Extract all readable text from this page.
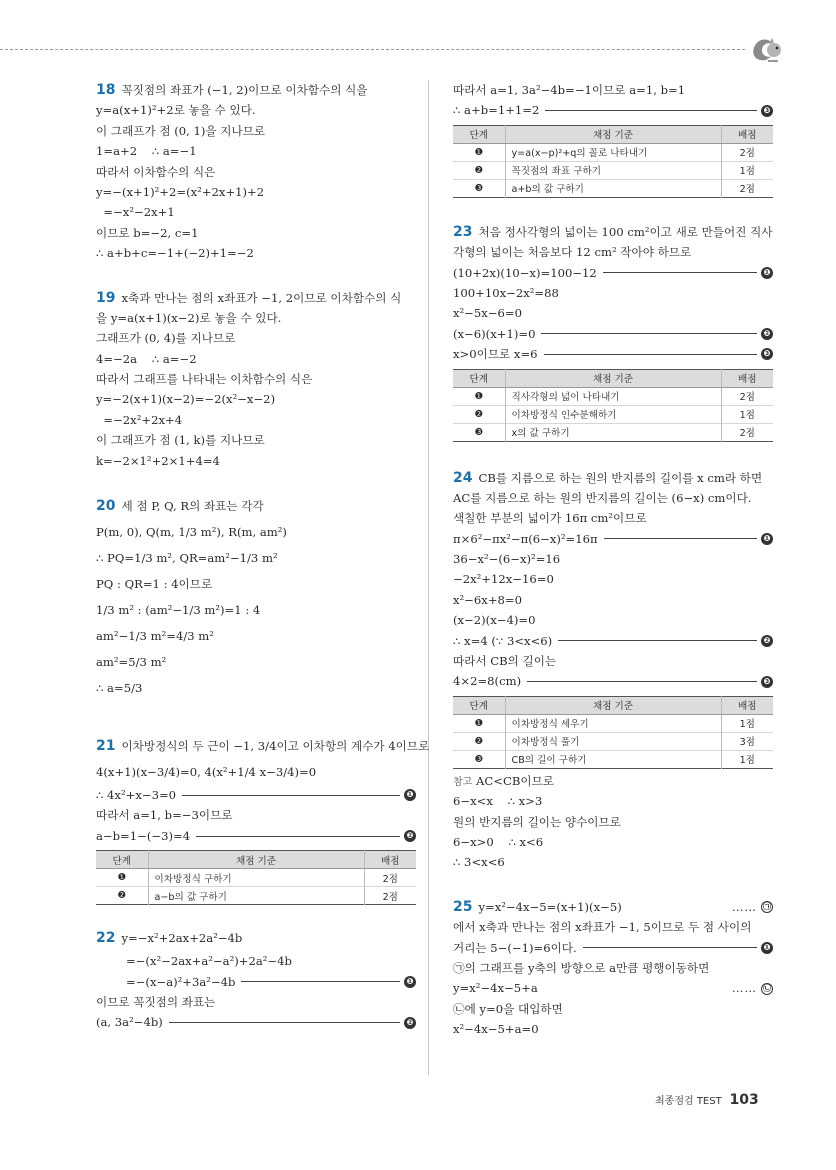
18 꼭짓점의 좌표가 (−1, 2)이므로 이차함수의 식을
y=a(x+1)²+2로 놓을 수 있다.
이 그래프가 점 (0, 1)을 지나므로
1=a+2    ∴ a=−1
따라서 이차함수의 식은
y=−(x+1)²+2=(x²+2x+1)+2
=−x²−2x+1
이므로 b=−2, c=1
∴ a+b+c=−1+(−2)+1=−2
19 x축과 만나는 점의 x좌표가 −1, 2이므로 이차함수의 식
을 y=a(x+1)(x−2)로 놓을 수 있다.
그래프가 (0, 4)를 지나므로
4=−2a    ∴ a=−2
따라서 그래프를 나타내는 이차함수의 식은
y=−2(x+1)(x−2)=−2(x²−x−2)
=−2x²+2x+4
이 그래프가 점 (1, k)를 지나므로
k=−2×1²+2×1+4=4
20 세 점 P, Q, R의 좌표는 각각
P(m, 0), Q(m, 1/3 m²), R(m, am²)
∴ PQ=1/3 m², QR=am²−1/3 m²
PQ : QR=1 : 4이므로
1/3 m² : (am²−1/3 m²)=1 : 4
am²−1/3 m²=4/3 m²
am²=5/3 m²
∴ a=5/3
21 이차방정식의 두 근이 −1, 3/4이고 이차항의 계수가 4이므로
4(x+1)(x−3/4)=0, 4(x²+1/4 x−3/4)=0
∴ 4x²+x−3=0	❶
따라서 a=1, b=−3이므로
a−b=1−(−3)=4	❷
단계	채점 기준	배점
❶	이차방정식 구하기	2점
❷	a−b의 값 구하기	2점
22 y=−x²+2ax+2a²−4b
=−(x²−2ax+a²−a²)+2a²−4b
=−(x−a)²+3a²−4b	❶
이므로 꼭짓점의 좌표는
(a, 3a²−4b)	❷
따라서 a=1, 3a²−4b=−1이므로 a=1, b=1
∴ a+b=1+1=2	❸
단계	채점 기준	배점
❶	y=a(x−p)²+q의 꼴로 나타내기	2점
❷	꼭짓점의 좌표 구하기	1점
❸	a+b의 값 구하기	2점
23 처음 정사각형의 넓이는 100 cm²이고 새로 만들어진 직사
각형의 넓이는 처음보다 12 cm² 작아야 하므로
(10+2x)(10−x)=100−12	❶
100+10x−2x²=88
x²−5x−6=0
(x−6)(x+1)=0	❷
x>0이므로 x=6	❸
단계	채점 기준	배점
❶	직사각형의 넓이 나타내기	2점
❷	이차방정식 인수분해하기	1점
❸	x의 값 구하기	2점
24 CB를 지름으로 하는 원의 반지름의 길이를 x cm라 하면
AC를 지름으로 하는 원의 반지름의 길이는 (6−x) cm이다.
색칠한 부분의 넓이가 16π cm²이므로
π×6²−πx²−π(6−x)²=16π	❶
36−x²−(6−x)²=16
−2x²+12x−16=0
x²−6x+8=0
(x−2)(x−4)=0
∴ x=4 (∵ 3<x<6)	❷
따라서 CB의 길이는
4×2=8(cm)	❸
단계	채점 기준	배점
❶	이차방정식 세우기	1점
❷	이차방정식 풀기	3점
❸	CB의 길이 구하기	1점
참고 AC<CB이므로
6−x<x    ∴ x>3
원의 반지름의 길이는 양수이므로
6−x>0    ∴ x<6
∴ 3<x<6
25 y=x²−4x−5=(x+1)(x−5)	…… ㉠
에서 x축과 만나는 점의 x좌표가 −1, 5이므로 두 점 사이의
거리는 5−(−1)=6이다.	❶
㉠의 그래프를 y축의 방향으로 a만큼 평행이동하면
y=x²−4x−5+a	…… ㉡
㉡에 y=0을 대입하면
x²−4x−5+a=0
최종점검 TEST 103
